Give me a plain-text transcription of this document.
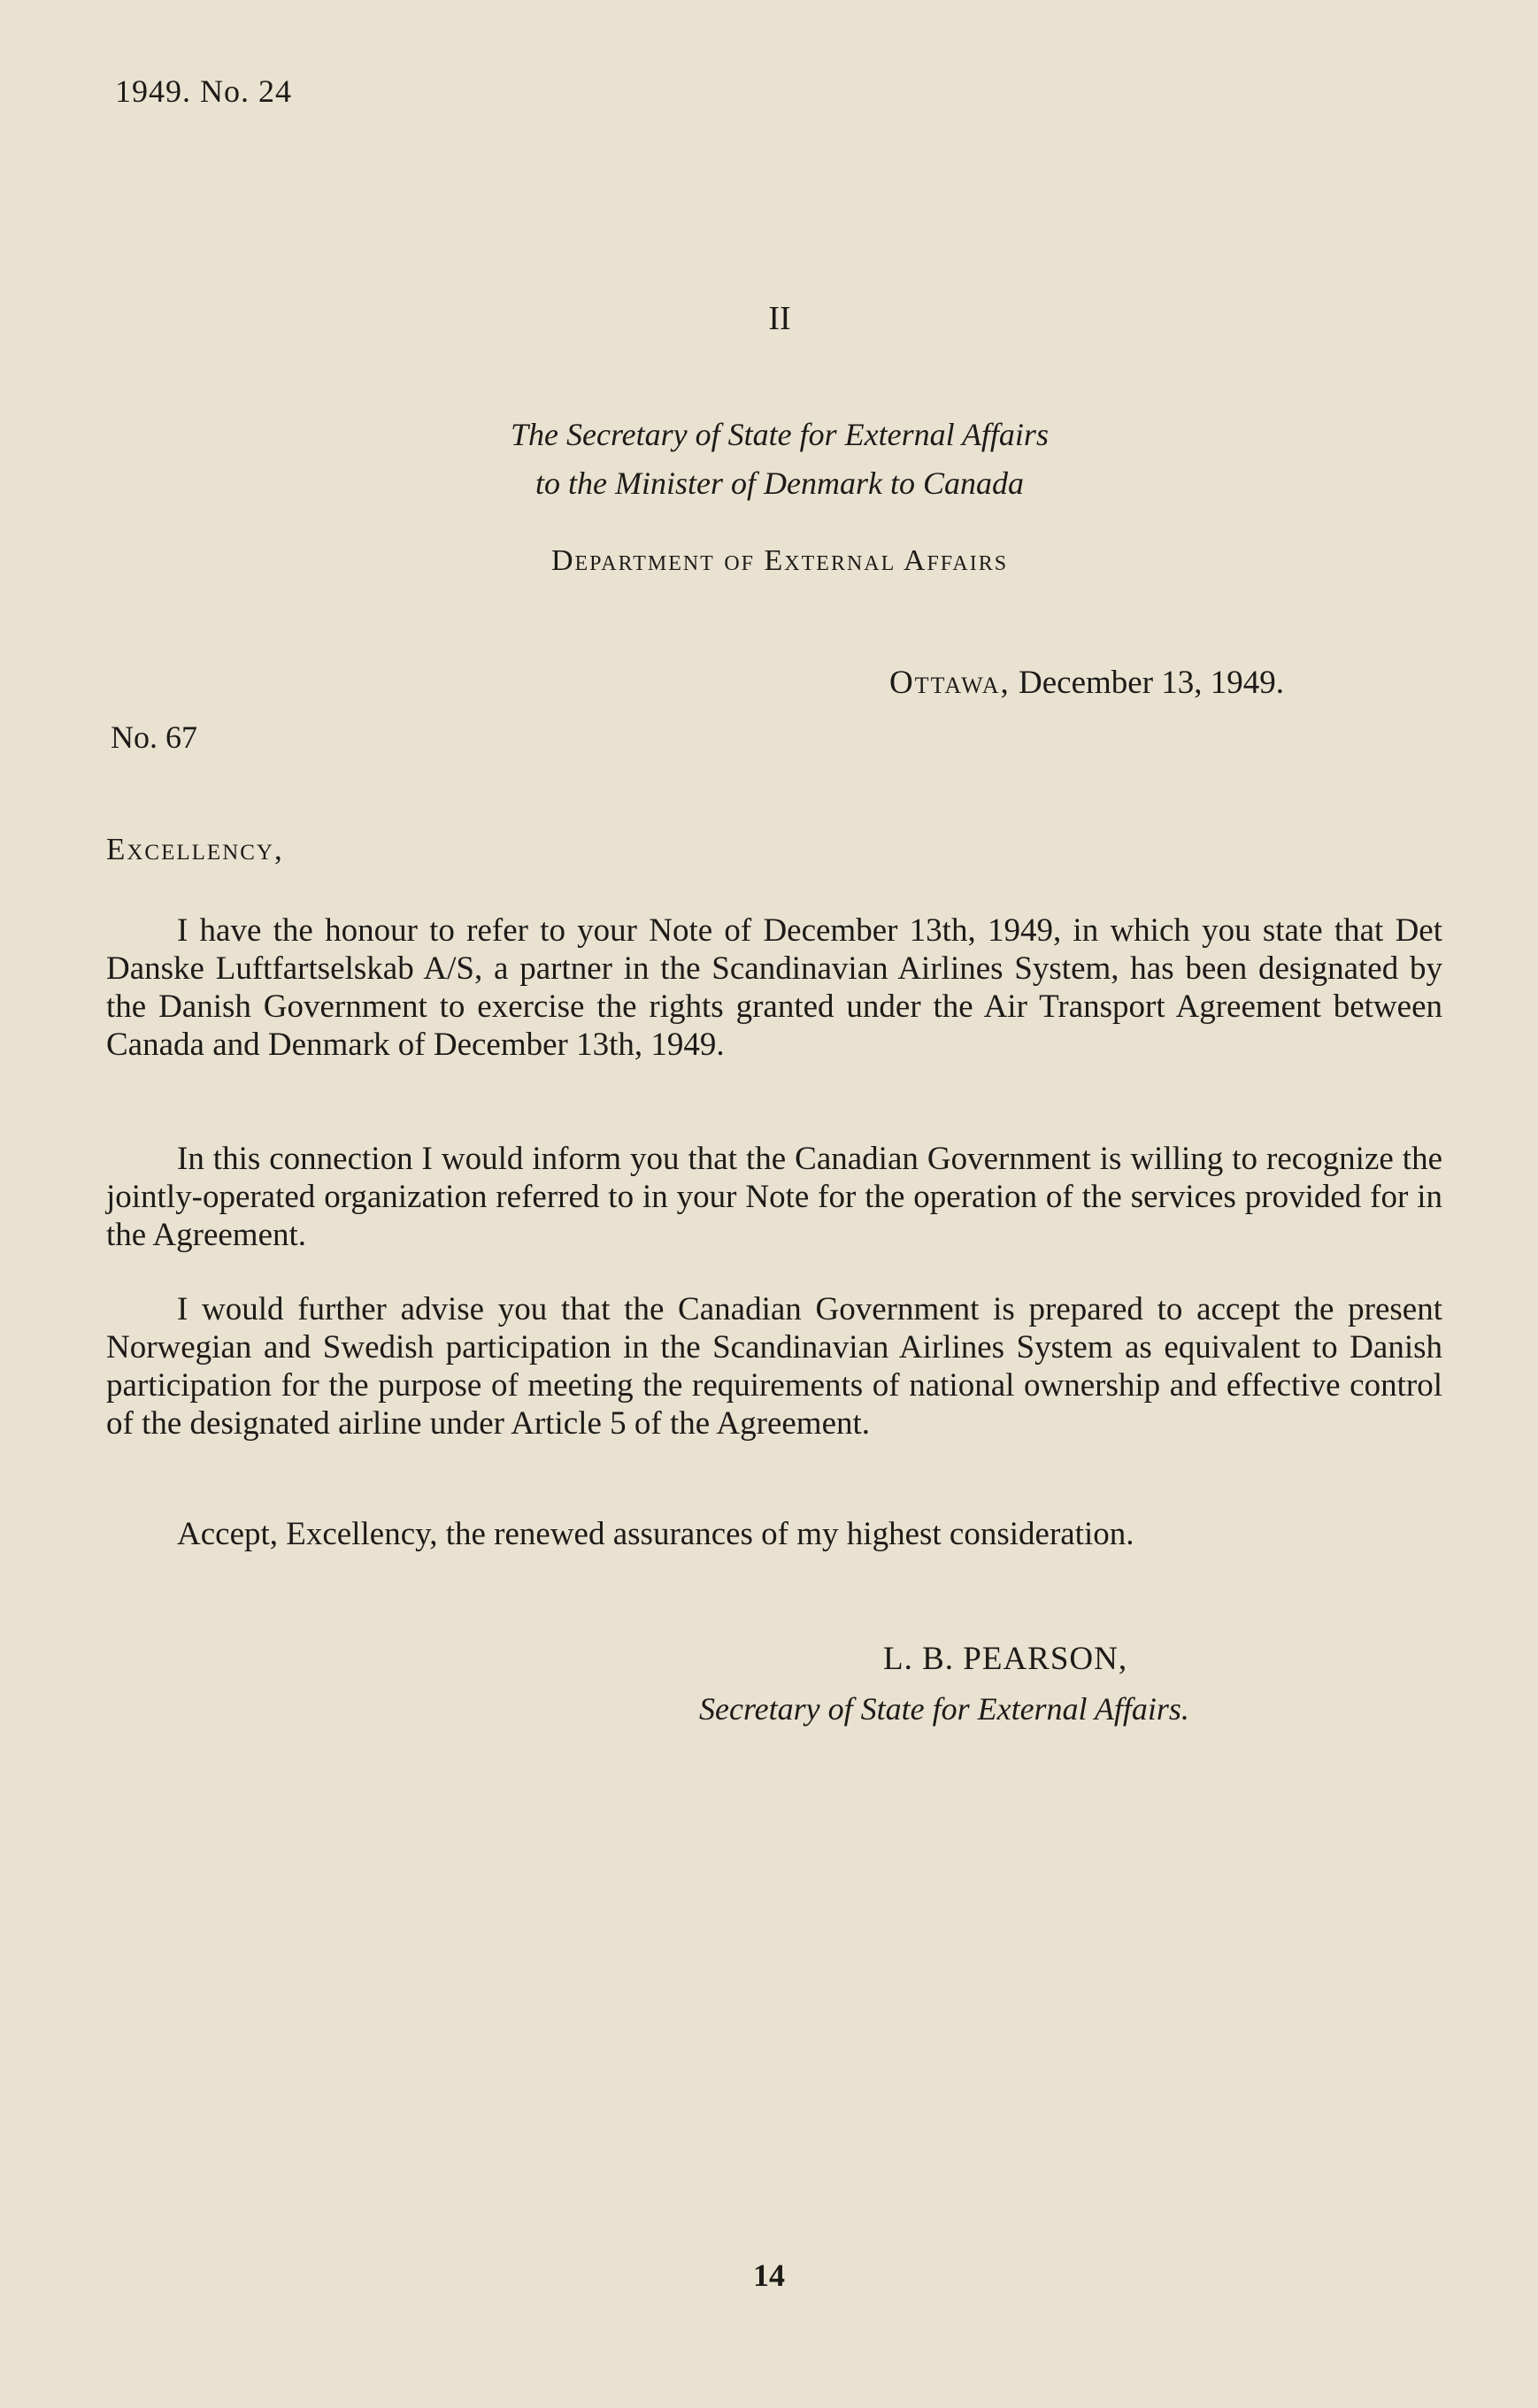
1949. No. 24
II
The Secretary of State for External Affairs
to the Minister of Denmark to Canada
Department of External Affairs
Ottawa, December 13, 1949.
No. 67
Excellency,

I have the honour to refer to your Note of December 13th, 1949, in which you state that Det Danske Luftfartselskab A/S, a partner in the Scandinavian Airlines System, has been designated by the Danish Government to exercise the rights granted under the Air Transport Agreement between Canada and Denmark of December 13th, 1949.

In this connection I would inform you that the Canadian Government is willing to recognize the jointly-operated organization referred to in your Note for the operation of the services provided for in the Agreement.

I would further advise you that the Canadian Government is prepared to accept the present Norwegian and Swedish participation in the Scandinavian Airlines System as equivalent to Danish participation for the purpose of meeting the requirements of national ownership and effective control of the designated airline under Article 5 of the Agreement.

Accept, Excellency, the renewed assurances of my highest consideration.

L. B. PEARSON,
Secretary of State for External Affairs.
14
